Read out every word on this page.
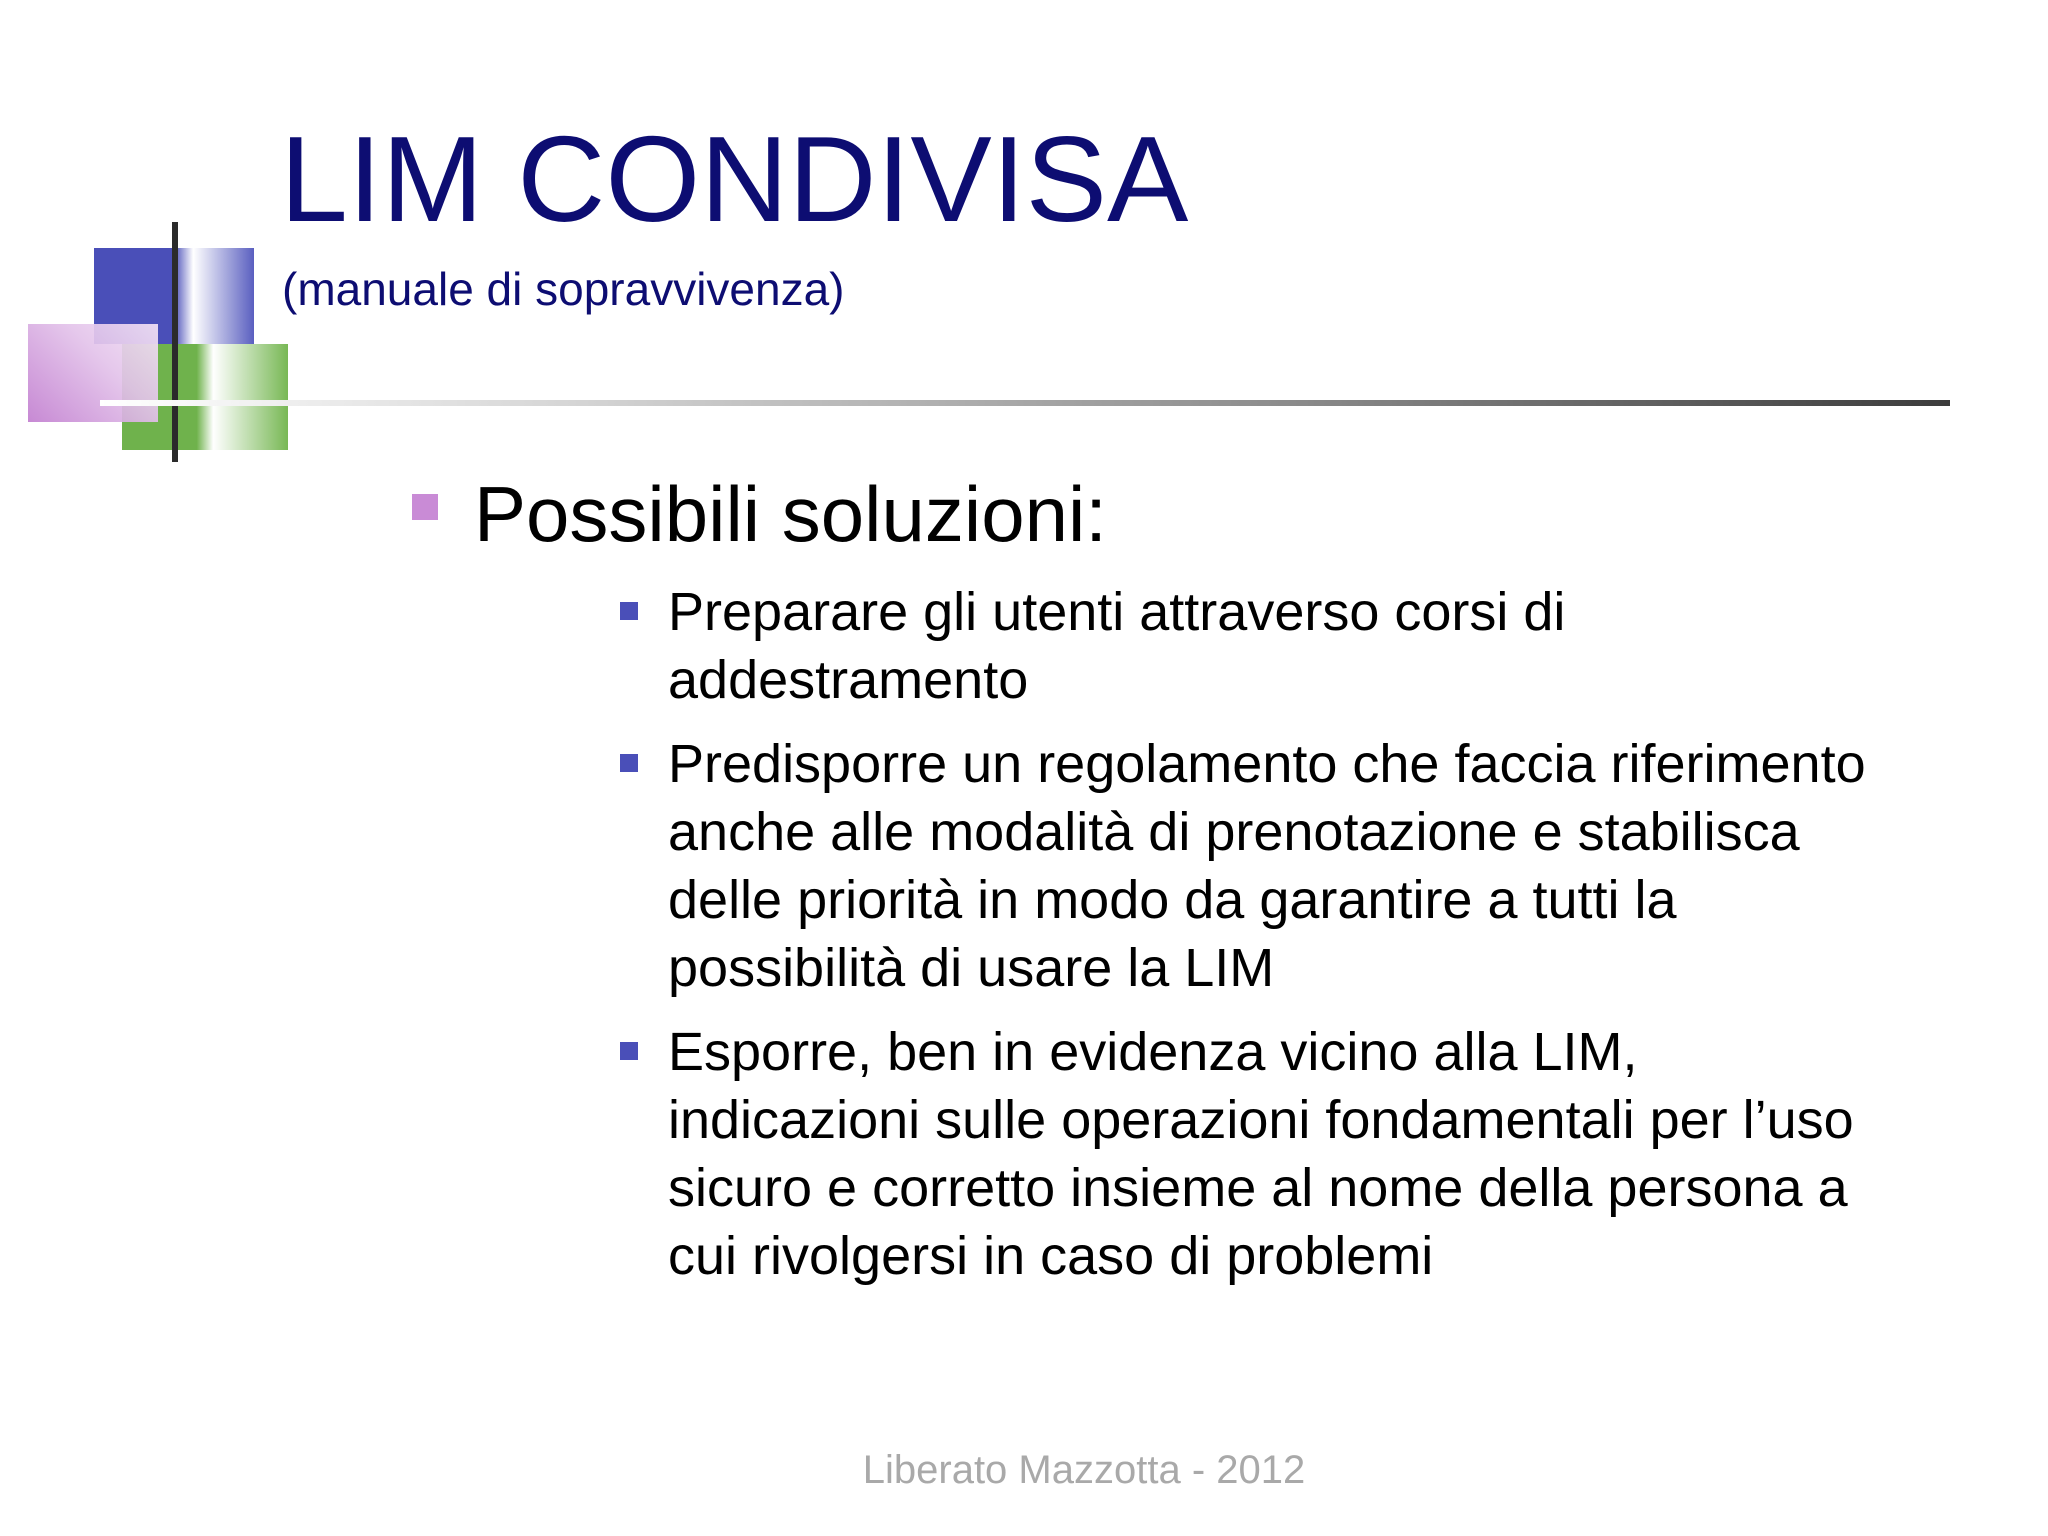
LIM CONDIVISA
(manuale di sopravvivenza)
Possibili soluzioni:
Preparare gli utenti attraverso corsi di
addestramento
Predisporre un regolamento che faccia riferimento
anche alle modalità di prenotazione e stabilisca
delle priorità in modo da garantire a tutti la
possibilità di usare la LIM
Esporre, ben in evidenza vicino alla LIM,
indicazioni sulle operazioni fondamentali per l’uso
sicuro e corretto insieme al nome della persona a
cui rivolgersi in caso di problemi
Liberato Mazzotta - 2012
